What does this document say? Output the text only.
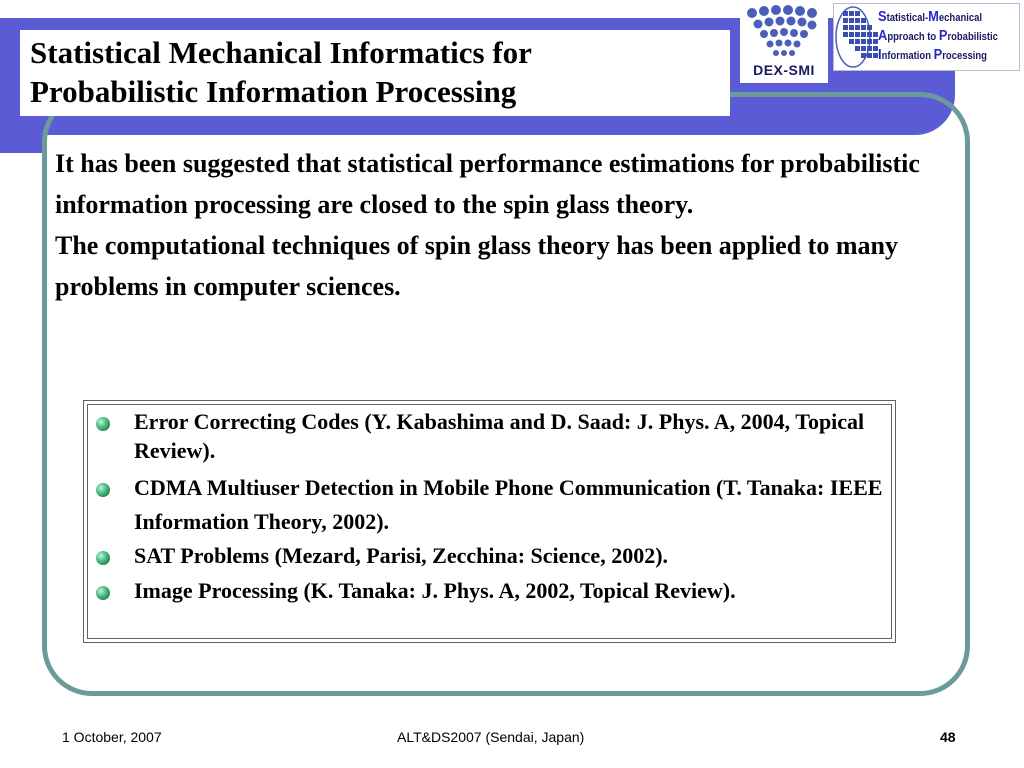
Statistical Mechanical Informatics for
Probabilistic Information Processing
DEX-SMI
Statistical-Mechanical
Approach to Probabilistic
Information Processing

It has been suggested that statistical performance estimations for probabilistic information processing are closed to the spin glass theory.

The computational techniques of spin glass theory has been applied to many problems in computer sciences.

Error Correcting Codes (Y. Kabashima and D. Saad: J. Phys. A, 2004, Topical Review).
CDMA Multiuser Detection in Mobile Phone Communication (T. Tanaka: IEEE Information Theory, 2002).
SAT Problems (Mezard, Parisi, Zecchina: Science, 2002).
Image Processing (K. Tanaka: J. Phys. A, 2002, Topical Review).
1 October, 2007	ALT&DS2007 (Sendai, Japan)	48
